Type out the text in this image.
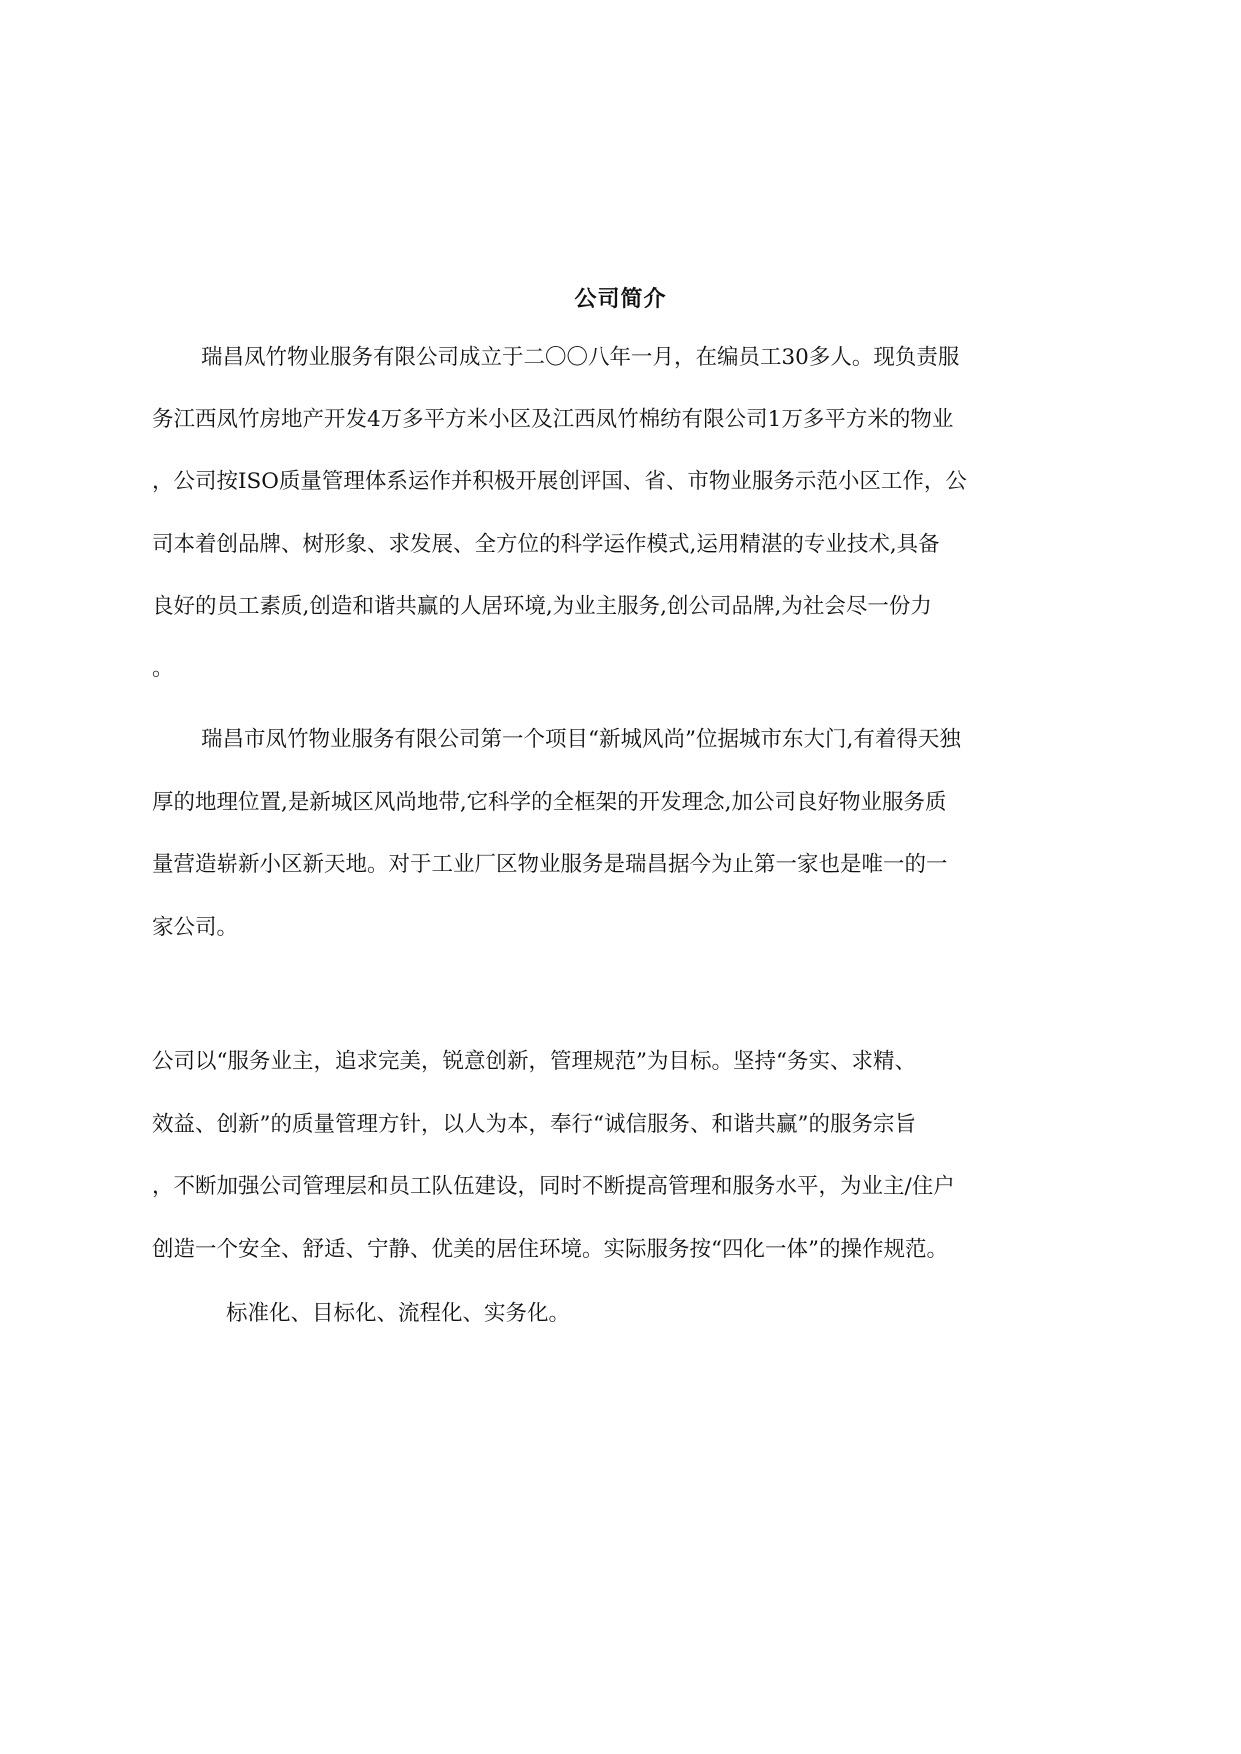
公司简介
瑞昌凤竹物业服务有限公司成立于二〇〇八年一月，在编员工30多人。现负责服
务江西凤竹房地产开发4万多平方米小区及江西凤竹棉纺有限公司1万多平方米的物业
，公司按ISO质量管理体系运作并积极开展创评国、省、市物业服务示范小区工作，公
司本着创品牌、树形象、求发展、全方位的科学运作模式,运用精湛的专业技术,具备
良好的员工素质,创造和谐共赢的人居环境,为业主服务,创公司品牌,为社会尽一份力
。
瑞昌市凤竹物业服务有限公司第一个项目“新城风尚”位据城市东大门,有着得天独
厚的地理位置,是新城区风尚地带,它科学的全框架的开发理念,加公司良好物业服务质
量营造崭新小区新天地。对于工业厂区物业服务是瑞昌据今为止第一家也是唯一的一
家公司。
公司以“服务业主，追求完美，锐意创新，管理规范”为目标。坚持“务实、求精、
效益、创新”的质量管理方针，以人为本，奉行“诚信服务、和谐共赢”的服务宗旨
，不断加强公司管理层和员工队伍建设，同时不断提高管理和服务水平，为业主/住户
创造一个安全、舒适、宁静、优美的居住环境。实际服务按“四化一体”的操作规范。
标准化、目标化、流程化、实务化。
